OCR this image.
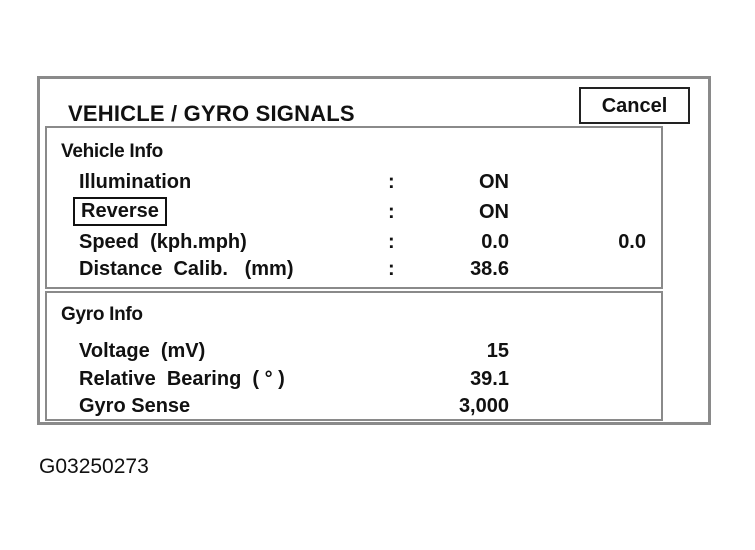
VEHICLE / GYRO SIGNALS	Cancel
Vehicle Info
Illumination	:	ON
Reverse	:	ON
Speed  (kph.mph)	:	0.0	0.0
Distance  Calib.   (mm)	:	38.6
Gyro Info
Voltage  (mV)	15
Relative  Bearing  ( ° )	39.1
Gyro Sense	3,000
G03250273
